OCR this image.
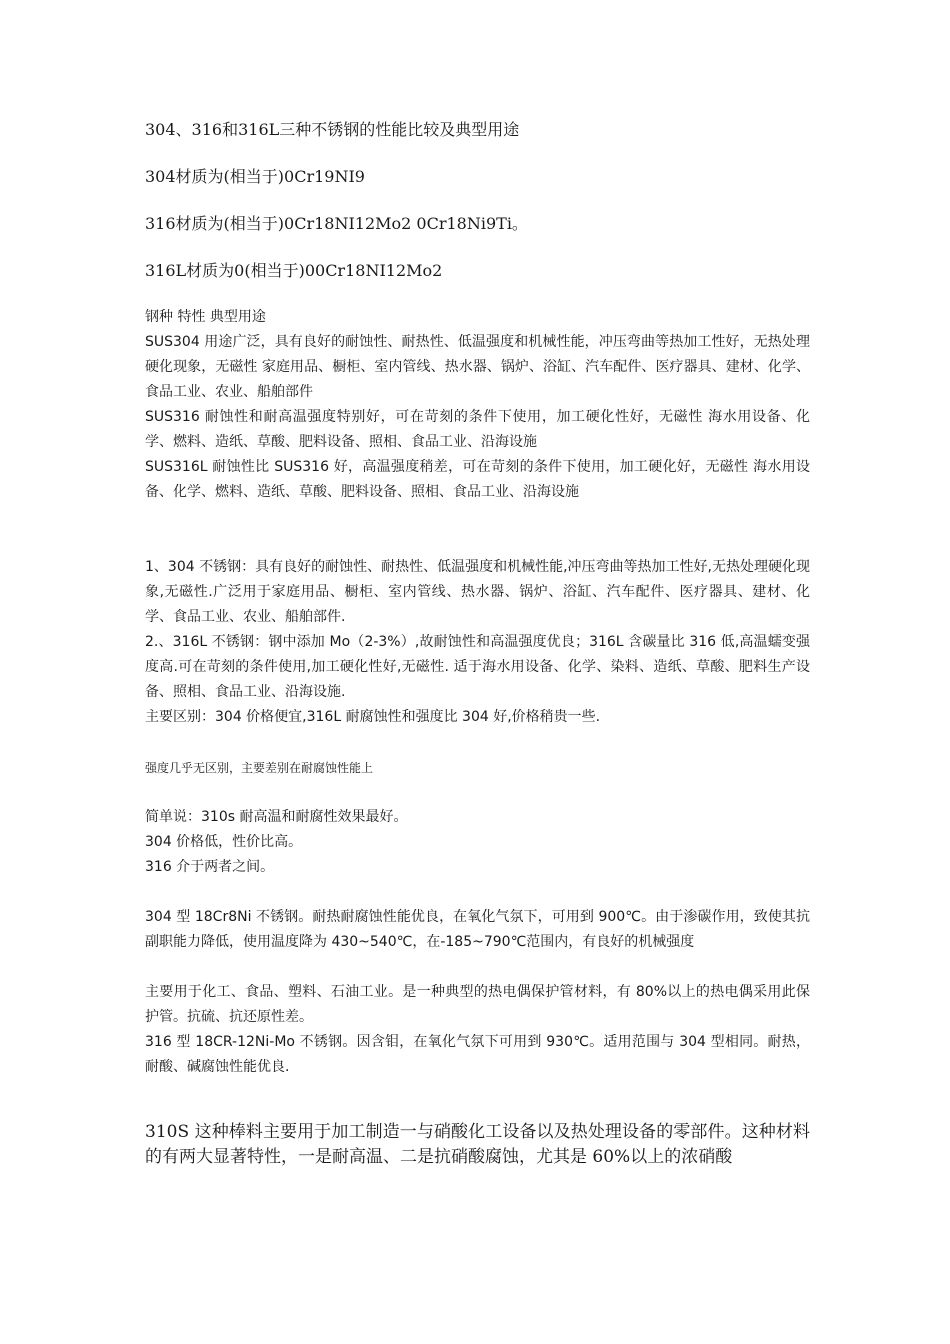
304、316和316L三种不锈钢的性能比较及典型用途
304材质为(相当于)0Cr19NI9
316材质为(相当于)0Cr18NI12Mo2 0Cr18Ni9Ti。
316L材质为0(相当于)00Cr18NI12Mo2
钢种 特性 典型用途
SUS304 用途广泛，具有良好的耐蚀性、耐热性、低温强度和机械性能，冲压弯曲等热加工性好，无热处理硬化现象，无磁性 家庭用品、橱柜、室内管线、热水器、锅炉、浴缸、汽车配件、医疗器具、建材、化学、食品工业、农业、船舶部件
SUS316 耐蚀性和耐高温强度特别好，可在苛刻的条件下使用，加工硬化性好，无磁性 海水用设备、化学、燃料、造纸、草酸、肥料设备、照相、食品工业、沿海设施
SUS316L 耐蚀性比 SUS316 好，高温强度稍差，可在苛刻的条件下使用，加工硬化好，无磁性 海水用设备、化学、燃料、造纸、草酸、肥料设备、照相、食品工业、沿海设施
1、304 不锈钢：具有良好的耐蚀性、耐热性、低温强度和机械性能,冲压弯曲等热加工性好,无热处理硬化现象,无磁性.广泛用于家庭用品、橱柜、室内管线、热水器、锅炉、浴缸、汽车配件、医疗器具、建材、化学、食品工业、农业、船舶部件.
2.、316L 不锈钢：钢中添加 Mo（2-3%）,故耐蚀性和高温强度优良；316L 含碳量比 316 低,高温蠕变强度高.可在苛刻的条件使用,加工硬化性好,无磁性. 适于海水用设备、化学、染料、造纸、草酸、肥料生产设备、照相、食品工业、沿海设施.
主要区别：304 价格便宜,316L 耐腐蚀性和强度比 304 好,价格稍贵一些.
强度几乎无区别，主要差别在耐腐蚀性能上
简单说：310s 耐高温和耐腐性效果最好。
304 价格低，性价比高。
316 介于两者之间。
304 型 18Cr8Ni 不锈钢。耐热耐腐蚀性能优良，在氧化气氛下，可用到 900℃。由于渗碳作用，致使其抗副职能力降低，使用温度降为 430~540℃，在-185~790℃范围内，有良好的机械强度
主要用于化工、食品、塑料、石油工业。是一种典型的热电偶保护管材料，有 80%以上的热电偶采用此保护管。抗硫、抗还原性差。
316 型 18CR-12Ni-Mo 不锈钢。因含钼，在氧化气氛下可用到 930℃。适用范围与 304 型相同。耐热，耐酸、碱腐蚀性能优良.
310S 这种棒料主要用于加工制造一与硝酸化工设备以及热处理设备的零部件。这种材料的有两大显著特性，一是耐高温、二是抗硝酸腐蚀，尤其是 60%以上的浓硝酸
